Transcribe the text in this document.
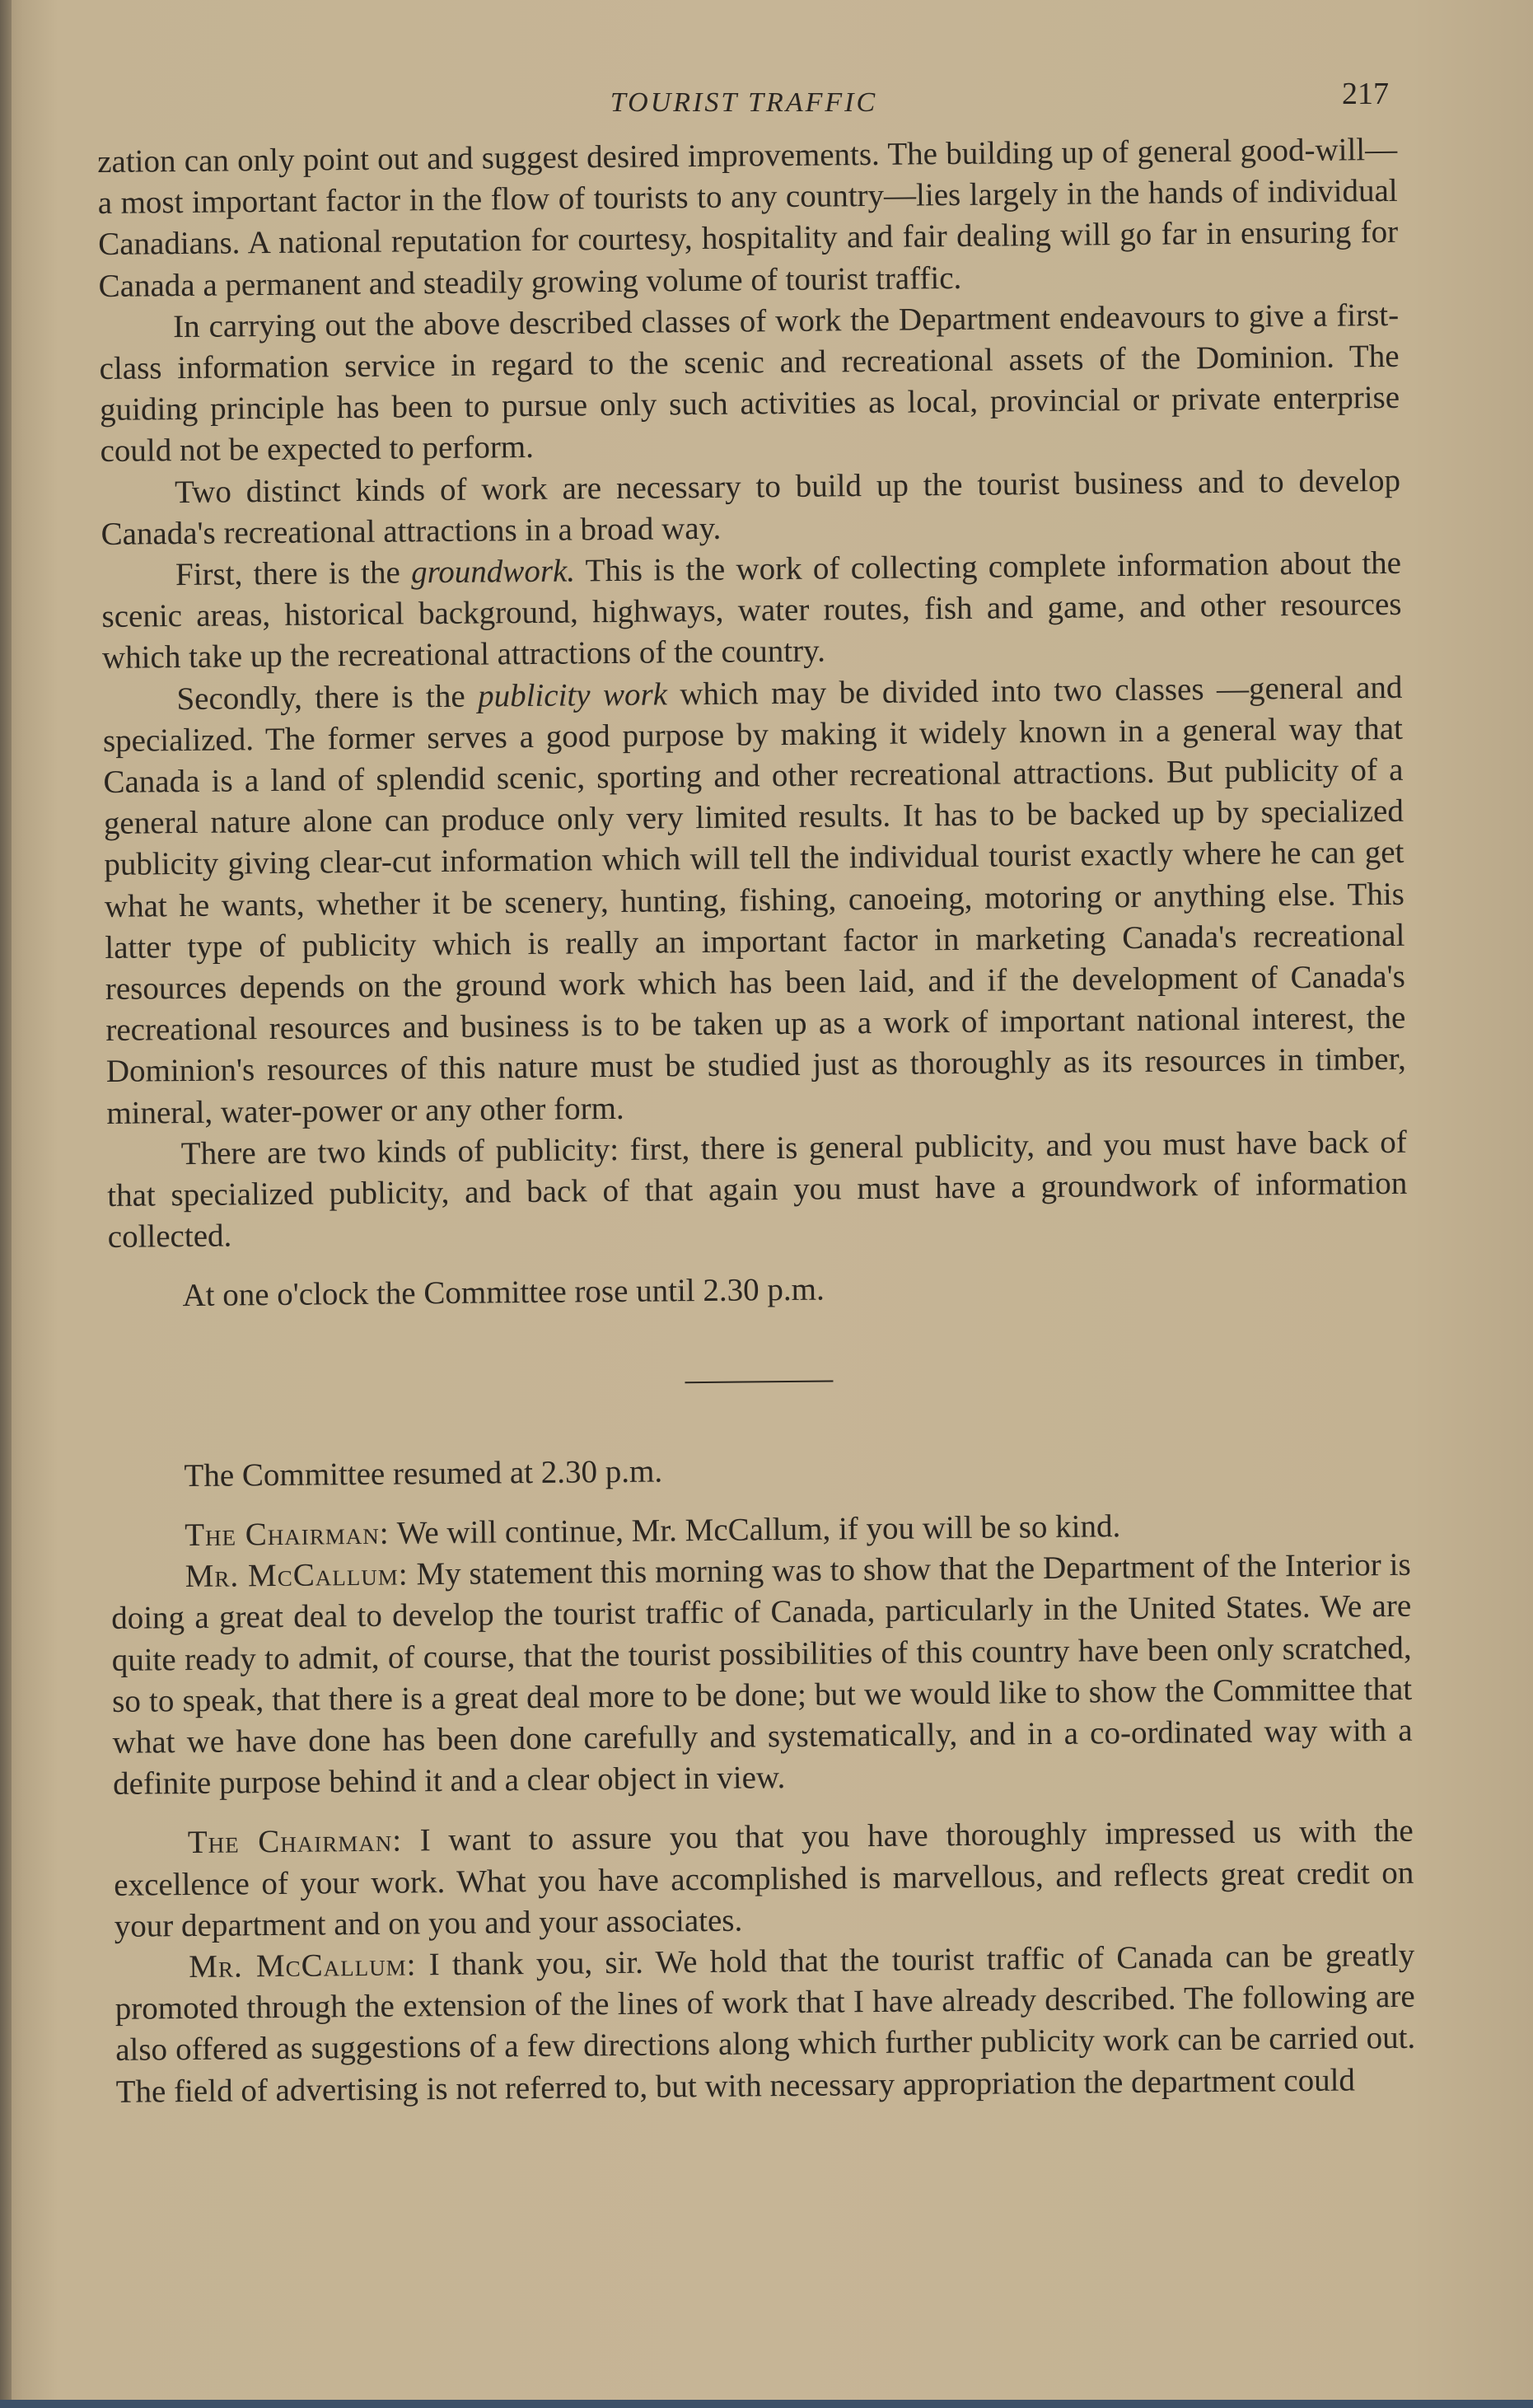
TOURIST TRAFFIC	217

zation can only point out and suggest desired improvements. The building up of general good-will—a most important factor in the flow of tourists to any country—lies largely in the hands of individual Canadians. A national reputation for courtesy, hospitality and fair dealing will go far in ensuring for Canada a permanent and steadily growing volume of tourist traffic.

In carrying out the above described classes of work the Department endeavours to give a first-class information service in regard to the scenic and recreational assets of the Dominion. The guiding principle has been to pursue only such activities as local, provincial or private enterprise could not be expected to perform.

Two distinct kinds of work are necessary to build up the tourist business and to develop Canada's recreational attractions in a broad way.

First, there is the groundwork. This is the work of collecting complete information about the scenic areas, historical background, highways, water routes, fish and game, and other resources which take up the recreational attractions of the country.

Secondly, there is the publicity work which may be divided into two classes —general and specialized. The former serves a good purpose by making it widely known in a general way that Canada is a land of splendid scenic, sporting and other recreational attractions. But publicity of a general nature alone can produce only very limited results. It has to be backed up by specialized publicity giving clear-cut information which will tell the individual tourist exactly where he can get what he wants, whether it be scenery, hunting, fishing, canoeing, motoring or anything else. This latter type of publicity which is really an important factor in marketing Canada's recreational resources depends on the ground work which has been laid, and if the development of Canada's recreational resources and business is to be taken up as a work of important national interest, the Dominion's resources of this nature must be studied just as thoroughly as its resources in timber, mineral, water-power or any other form.

There are two kinds of publicity: first, there is general publicity, and you must have back of that specialized publicity, and back of that again you must have a groundwork of information collected.

At one o'clock the Committee rose until 2.30 p.m.

The Committee resumed at 2.30 p.m.

The Chairman: We will continue, Mr. McCallum, if you will be so kind.

Mr. McCallum: My statement this morning was to show that the Department of the Interior is doing a great deal to develop the tourist traffic of Canada, particularly in the United States. We are quite ready to admit, of course, that the tourist possibilities of this country have been only scratched, so to speak, that there is a great deal more to be done; but we would like to show the Committee that what we have done has been done carefully and systematically, and in a co-ordinated way with a definite purpose behind it and a clear object in view.

The Chairman: I want to assure you that you have thoroughly impressed us with the excellence of your work. What you have accomplished is marvellous, and reflects great credit on your department and on you and your associates.

Mr. McCallum: I thank you, sir. We hold that the tourist traffic of Canada can be greatly promoted through the extension of the lines of work that I have already described. The following are also offered as suggestions of a few directions along which further publicity work can be carried out. The field of advertising is not referred to, but with necessary appropriation the department could
